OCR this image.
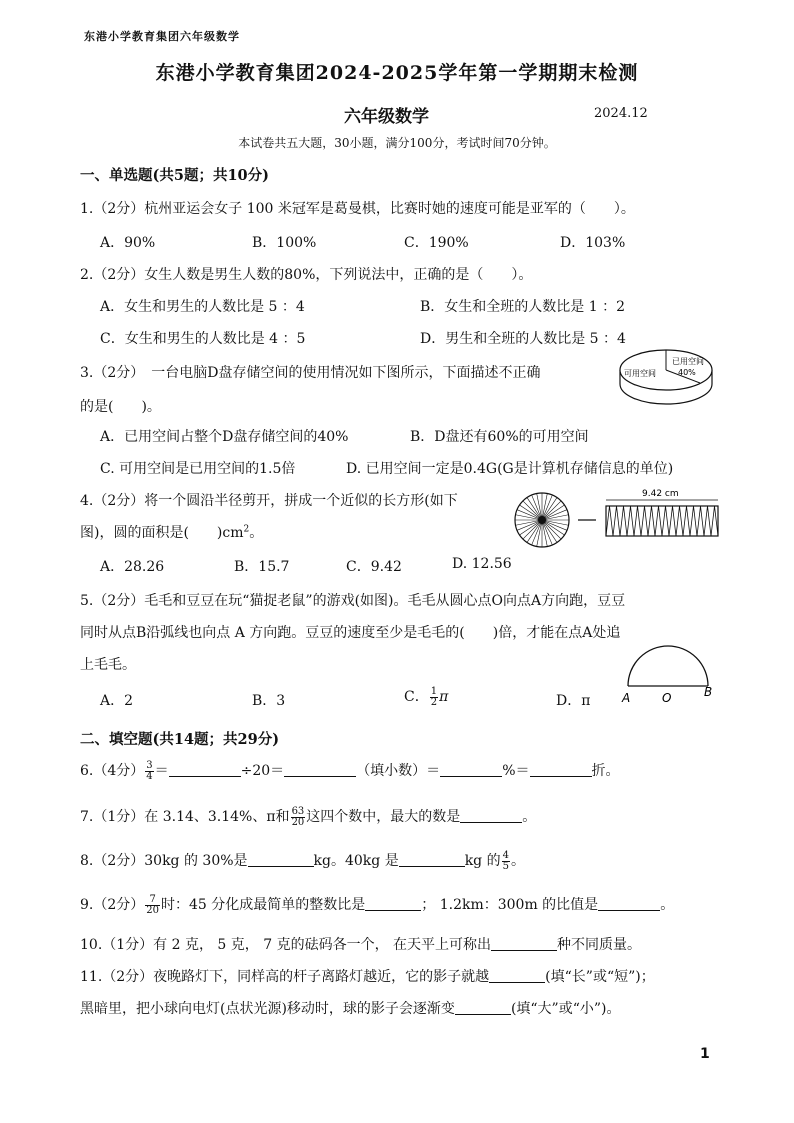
东港小学教育集团六年级数学
东港小学教育集团2024-2025学年第一学期期末检测
六年级数学	2024.12
本试卷共五大题，30小题，满分100分，考试时间70分钟。
一、单选题(共5题；共10分)
1.（2分）杭州亚运会女子 100 米冠军是葛曼棋，比赛时她的速度可能是亚军的（　　）。
A．90%	B．100%	C．190%	D．103%
2.（2分）女生人数是男生人数的80%，下列说法中，正确的是（　　）。
A．女生和男生的人数比是 5 ：4	B．女生和全班的人数比是 1 ：2
C．女生和男生的人数比是 4 ：5	D．男生和全班的人数比是 5 ：4
3.（2分）　一台电脑D盘存储空间的使用情况如下图所示，下面描述不正确
的是(　　)。
可用空间
已用空间
40%
A．已用空间占整个D盘存储空间的40%	B．D盘还有60%的可用空间
C. 可用空间是已用空间的1.5倍	D. 已用空间一定是0.4G(G是计算机存储信息的单位)
4.（2分）将一个圆沿半径剪开，拼成一个近似的长方形(如下
图)，圆的面积是(　　)$cm^2$。
9.42 cm
A．28.26	B．15.7	C．9.42	D. 12.56
5.（2分）毛毛和豆豆在玩“猫捉老鼠”的游戏(如图)。毛毛从圆心点O向点A方向跑，豆豆
同时从点B沿弧线也向点 A 方向跑。豆豆的速度至少是毛毛的(　　)倍，才能在点A处追
上毛毛。
A	O	B
A．2	B．3	C． $\frac{1}{2}$ π	D．π
二、填空题(共14题；共29分)
6.（4分） $\frac{3}{4}$ ＝	÷20＝	（填小数）＝	%＝	折。
7.（1分）在 3.14、3.14%、π和 $\frac{63}{20}$ 这四个数中，最大的数是	。
8.（2分）30kg 的 30%是	kg。40kg 是	kg 的 $\frac{4}{5}$ 。
9.（2分） $\frac{7}{20}$ 时：45 分化成最简单的整数比是	； 1.2km：300m 的比值是	。
10.（1分）有 2 克， 5 克， 7 克的砝码各一个， 在天平上可称出	种不同质量。
11.（2分）夜晚路灯下，同样高的杆子离路灯越近，它的影子就越	(填“长”或“短”)；
黑暗里，把小球向电灯(点状光源)移动时，球的影子会逐渐变	(填“大”或“小”)。
1
